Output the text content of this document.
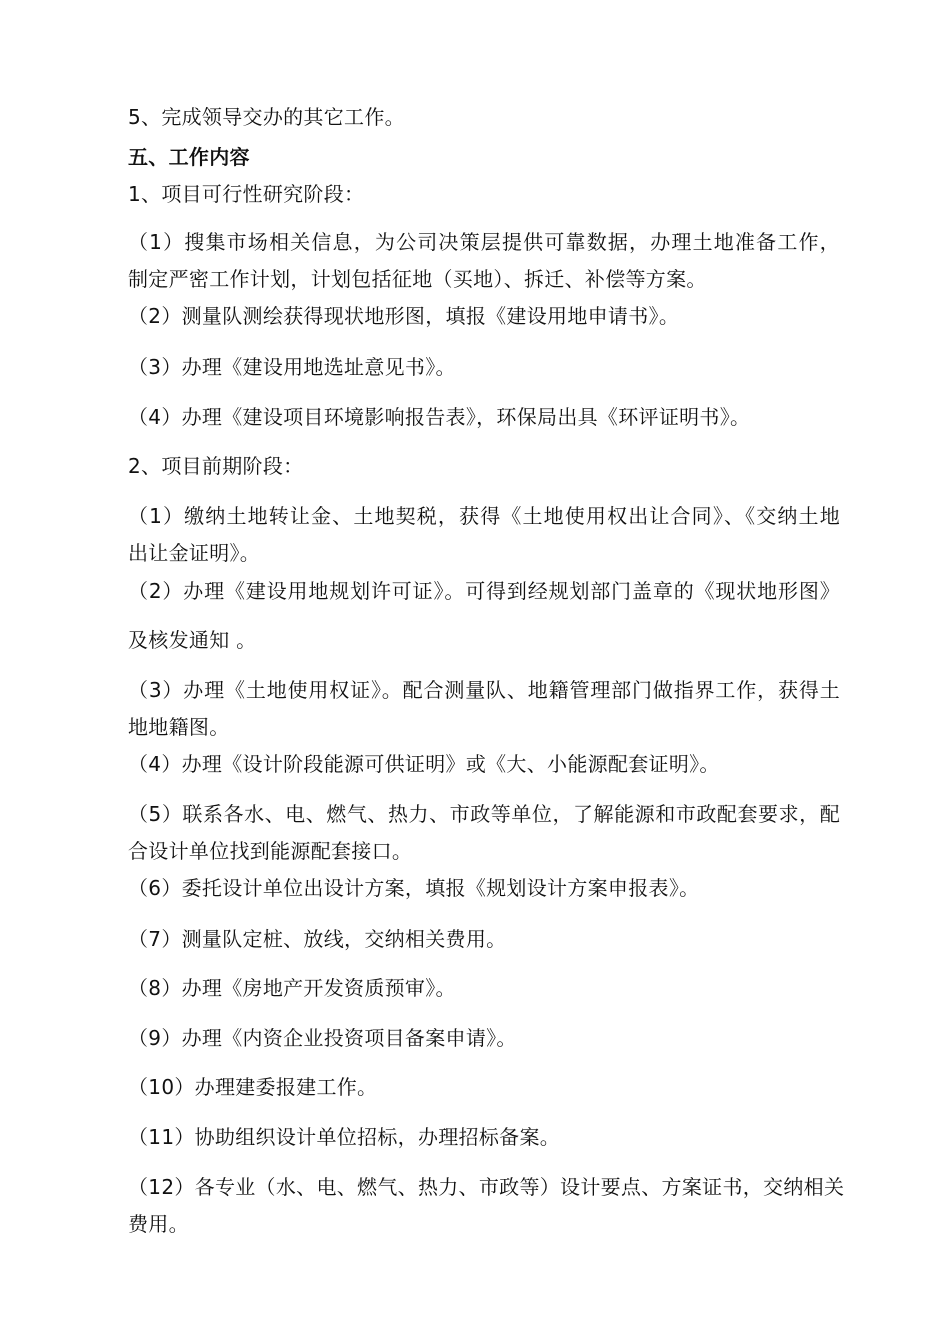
5、完成领导交办的其它工作。
五、工作内容
1、项目可行性研究阶段：
（1）搜集市场相关信息，为公司决策层提供可靠数据，办理土地准备工作，
制定严密工作计划，计划包括征地（买地）、拆迁、补偿等方案。
（2）测量队测绘获得现状地形图，填报《建设用地申请书》。
（3）办理《建设用地选址意见书》。
（4）办理《建设项目环境影响报告表》，环保局出具《环评证明书》。
2、项目前期阶段：
（1）缴纳土地转让金、土地契税，获得《土地使用权出让合同》、《交纳土地
出让金证明》。
（2）办理《建设用地规划许可证》。可得到经规划部门盖章的《现状地形图》
及核发通知 。
（3）办理《土地使用权证》。配合测量队、地籍管理部门做指界工作，获得土
地地籍图。
（4）办理《设计阶段能源可供证明》或《大、小能源配套证明》。
（5）联系各水、电、燃气、热力、市政等单位，了解能源和市政配套要求，配
合设计单位找到能源配套接口。
（6）委托设计单位出设计方案，填报《规划设计方案申报表》。
（7）测量队定桩、放线，交纳相关费用。
（8）办理《房地产开发资质预审》。
（9）办理《内资企业投资项目备案申请》。
（10）办理建委报建工作。
（11）协助组织设计单位招标，办理招标备案。
（12）各专业（水、电、燃气、热力、市政等）设计要点、方案证书，交纳相关
费用。
